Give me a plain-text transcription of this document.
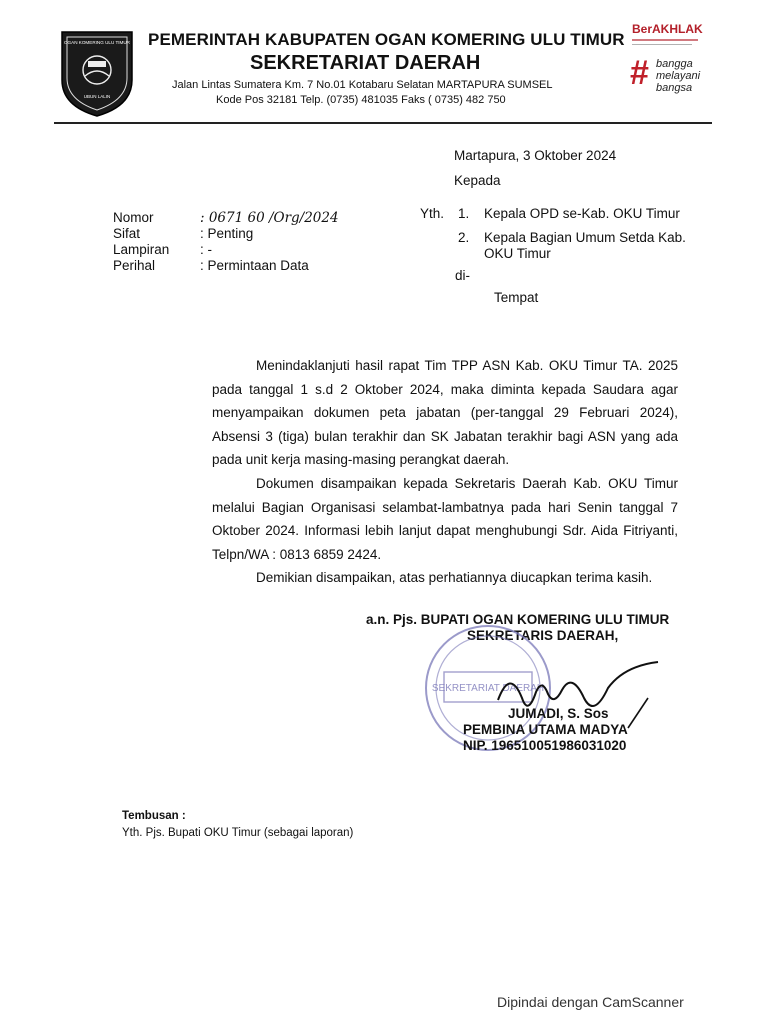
OGAN KOMERING ULU TIMUR
UBUN LALIN
PEMERINTAH KABUPATEN OGAN KOMERING ULU TIMUR
SEKRETARIAT DAERAH
Jalan Lintas Sumatera Km. 7 No.01 Kotabaru Selatan MARTAPURA SUMSEL
Kode Pos 32181 Telp. (0735) 481035 Faks ( 0735) 482 750
BerAKHLAK
# bangga
melayani
bangsa
Martapura, 3 Oktober 2024
Kepada
Nomor	: 0671 60 /Org/2024
Sifat	: Penting
Lampiran : -
Perihal	: Permintaan Data
Yth. 1. Kepala OPD se-Kab. OKU Timur
2. Kepala Bagian Umum Setda Kab.
OKU Timur
di-
Tempat
Menindaklanjuti hasil rapat Tim TPP ASN Kab. OKU Timur TA. 2025 pada tanggal 1 s.d 2 Oktober 2024, maka diminta kepada Saudara agar menyampaikan dokumen peta jabatan (per-tanggal 29 Februari 2024), Absensi 3 (tiga) bulan terakhir dan SK Jabatan terakhir bagi ASN yang ada pada unit kerja masing-masing perangkat daerah.
Dokumen disampaikan kepada Sekretaris Daerah Kab. OKU Timur melalui Bagian Organisasi selambat-lambatnya pada hari Senin tanggal 7 Oktober 2024. Informasi lebih lanjut dapat menghubungi Sdr. Aida Fitriyanti, Telpn/WA : 0813 6859 2424.
Demikian disampaikan, atas perhatiannya diucapkan terima kasih.
a.n. Pjs. BUPATI OGAN KOMERING ULU TIMUR
SEKRETARIS DAERAH,
SEKRETARIAT DAERAH
JUMADI, S. Sos
PEMBINA UTAMA MADYA
NIP. 196510051986031020
Tembusan :
Yth. Pjs. Bupati OKU Timur (sebagai laporan)
Dipindai dengan CamScanner
